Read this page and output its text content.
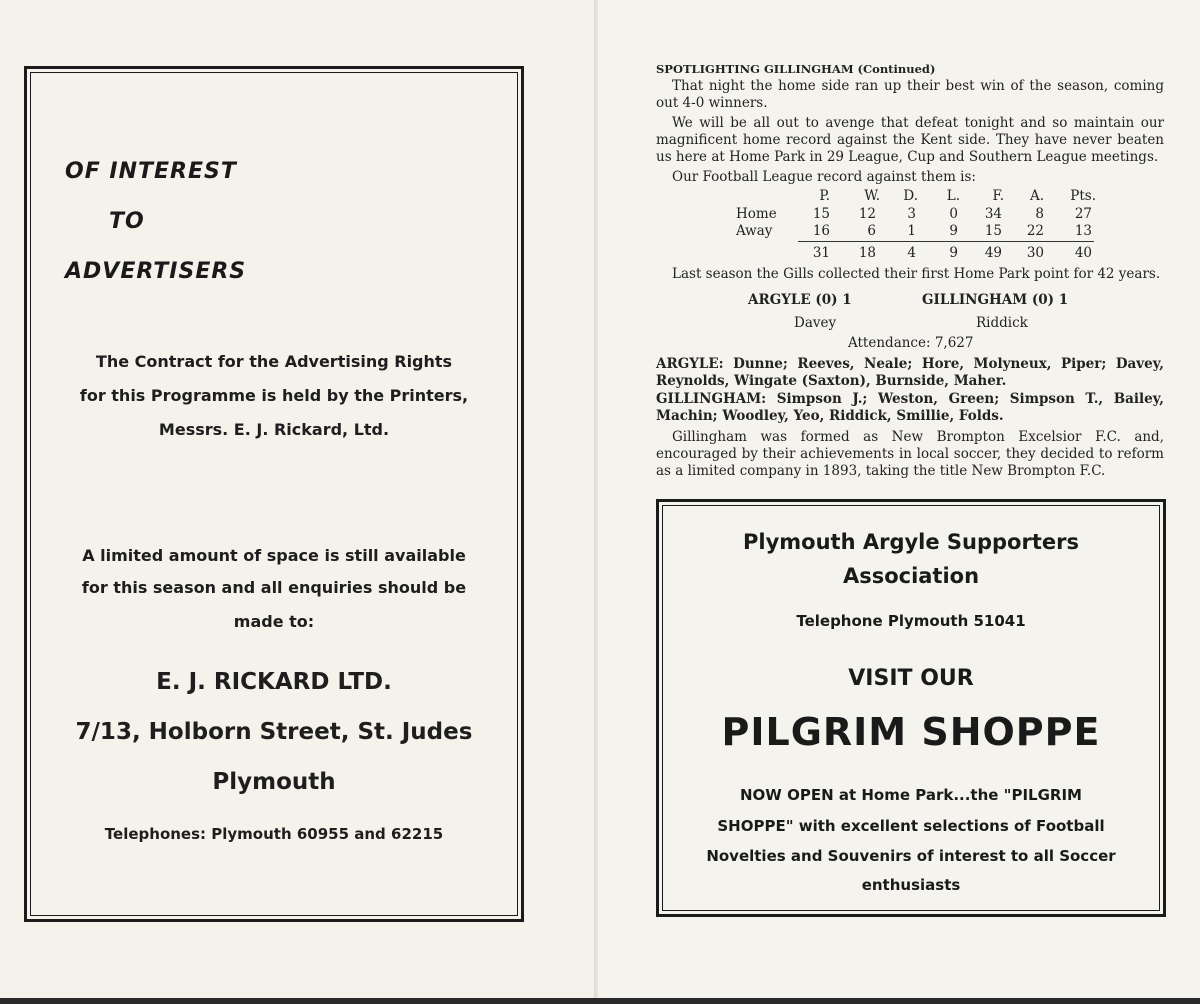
OF INTEREST
TO
ADVERTISERS
The Contract for the Advertising Rights
for this Programme is held by the Printers,
Messrs. E. J. Rickard, Ltd.
A limited amount of space is still available
for this season and all enquiries should be
made to:
E. J. RICKARD LTD.
7/13, Holborn Street, St. Judes
Plymouth
Telephones: Plymouth 60955 and 62215
SPOTLIGHTING GILLINGHAM (Continued)

That night the home side ran up their best win of the season, coming out 4-0 winners.

We will be all out to avenge that defeat tonight and so maintain our magnificent home record against the Kent side. They have never beaten us here at Home Park in 29 League, Cup and Southern League meetings.

Our Football League record against them is:

P.	W.	D.	L.	F.	A.	Pts.
Home	15	12	3	0	34	8	27
Away	16	6	1	9	15	22	13
31	18	4	9	49	30	40

Last season the Gills collected their first Home Park point for 42 years.

ARGYLE (0) 1	GILLINGHAM (0) 1
Davey	Riddick
Attendance: 7,627

ARGYLE: Dunne; Reeves, Neale; Hore, Molyneux, Piper; Davey, Reynolds, Wingate (Saxton), Burnside, Maher.

GILLINGHAM: Simpson J.; Weston, Green; Simpson T., Bailey, Machin; Woodley, Yeo, Riddick, Smillie, Folds.

Gillingham was formed as New Brompton Excelsior F.C. and, encouraged by their achievements in local soccer, they decided to reform as a limited company in 1893, taking the title New Brompton F.C.

Plymouth Argyle Supporters
Association
Telephone Plymouth 51041
VISIT OUR
PILGRIM SHOPPE
NOW OPEN at Home Park...the "PILGRIM
SHOPPE" with excellent selections of Football
Novelties and Souvenirs of interest to all Soccer
enthusiasts
